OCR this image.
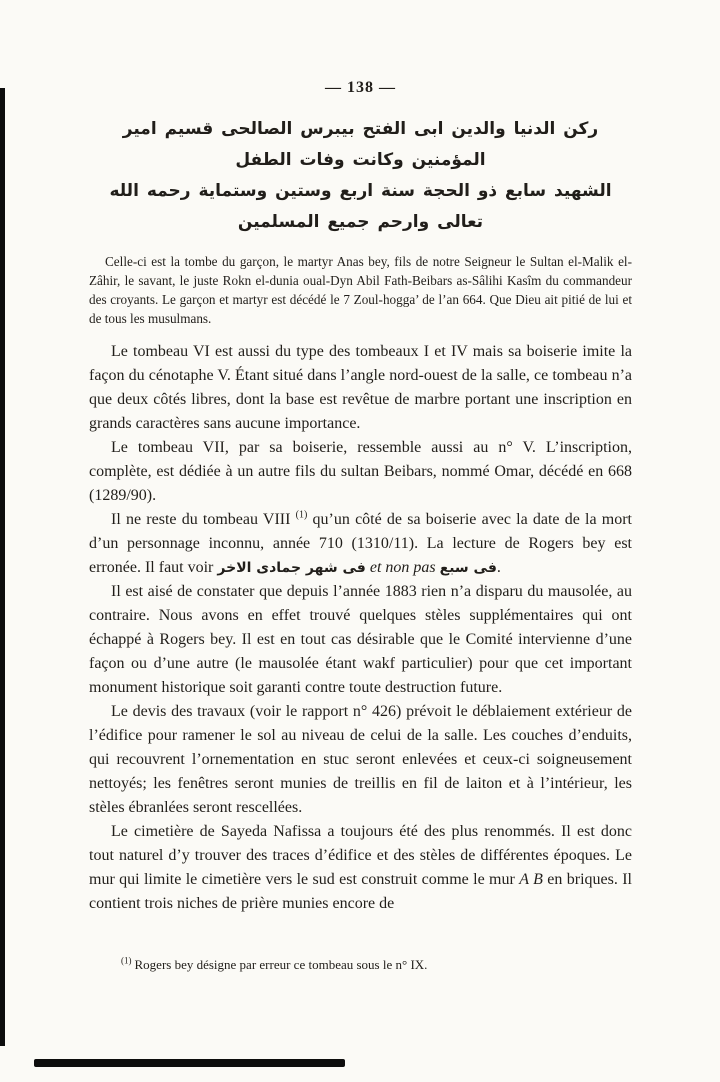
— 138 —
ركن الدنيا والدين ابى الفتح بيبرس الصالحى قسيم امير المؤمنين وكانت وفات الطفل
الشهيد سابع ذو الحجة سنة اربع وستين وستماية رحمه الله تعالى وارحم جميع المسلمين

Celle-ci est la tombe du garçon, le martyr Anas bey, fils de notre Seigneur le Sultan el-Malik el-Zâhir, le savant, le juste Rokn el-dunia oual-Dyn Abil Fath-Beibars as-Sâlihi Kasîm du commandeur des croyants. Le garçon et martyr est décédé le 7 Zoul-hogga’ de l’an 664. Que Dieu ait pitié de lui et de tous les musulmans.

Le tombeau VI est aussi du type des tombeaux I et IV mais sa boiserie imite la façon du cénotaphe V. Étant situé dans l’angle nord-ouest de la salle, ce tombeau n’a que deux côtés libres, dont la base est revêtue de marbre portant une inscription en grands caractères sans aucune importance.

Le tombeau VII, par sa boiserie, ressemble aussi au n° V. L’inscription, complète, est dédiée à un autre fils du sultan Beibars, nommé Omar, décédé en 668 (1289/90).

Il ne reste du tombeau VIII $^{(1)}$ qu’un côté de sa boiserie avec la date de la mort d’un personnage inconnu, année 710 (1310/11). La lecture de Rogers bey est erronée. Il faut voir فى شهر جمادى الاخر et non pas فى سبع.

Il est aisé de constater que depuis l’année 1883 rien n’a disparu du mausolée, au contraire. Nous avons en effet trouvé quelques stèles supplémentaires qui ont échappé à Rogers bey. Il est en tout cas désirable que le Comité intervienne d’une façon ou d’une autre (le mausolée étant wakf particulier) pour que cet important monument historique soit garanti contre toute destruction future.

Le devis des travaux (voir le rapport n° 426) prévoit le déblaiement extérieur de l’édifice pour ramener le sol au niveau de celui de la salle. Les couches d’enduits, qui recouvrent l’ornementation en stuc seront enlevées et ceux-ci soigneusement nettoyés; les fenêtres seront munies de treillis en fil de laiton et à l’intérieur, les stèles ébranlées seront rescellées.

Le cimetière de Sayeda Nafissa a toujours été des plus renommés. Il est donc tout naturel d’y trouver des traces d’édifice et des stèles de différentes époques. Le mur qui limite le cimetière vers le sud est construit comme le mur A B en briques. Il contient trois niches de prière munies encore de

$^{(1)}$ Rogers bey désigne par erreur ce tombeau sous le n° IX.
